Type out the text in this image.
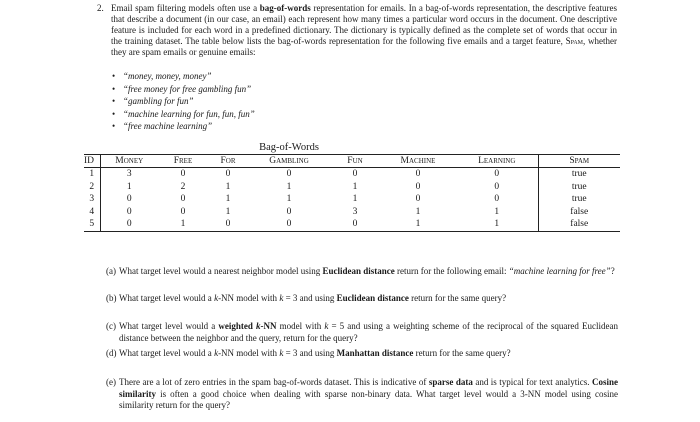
2. Email spam filtering models often use a bag-of-words representation for emails. In a bag-of-words representation, the descriptive features that describe a document (in our case, an email) each represent how many times a particular word occurs in the document. One descriptive feature is included for each word in a predefined dictionary. The dictionary is typically defined as the complete set of words that occur in the training dataset. The table below lists the bag-of-words representation for the following five emails and a target feature, Spam, whether they are spam emails or genuine emails:
• “money, money, money”
• “free money for free gambling fun”
• “gambling for fun”
• “machine learning for fun, fun, fun”
• “free machine learning”
				Bag-of-Words				
ID	Money	Free	For	Gambling	Fun	Machine	Learning	Spam
1	3	0	0	0	0	0	0	true
2	1	2	1	1	1	0	0	true
3	0	0	1	1	1	0	0	true
4	0	0	1	0	3	1	1	false
5	0	1	0	0	0	1	1	false
(a) What target level would a nearest neighbor model using Euclidean distance return for the following email: “machine learning for free”?
(b) What target level would a k-NN model with k = 3 and using Euclidean distance return for the same query?
(c) What target level would a weighted k-NN model with k = 5 and using a weighting scheme of the reciprocal of the squared Euclidean distance between the neighbor and the query, return for the query?
(d) What target level would a k-NN model with k = 3 and using Manhattan distance return for the same query?
(e) There are a lot of zero entries in the spam bag-of-words dataset. This is indicative of sparse data and is typical for text analytics. Cosine similarity is often a good choice when dealing with sparse non-binary data. What target level would a 3-NN model using cosine similarity return for the query?
